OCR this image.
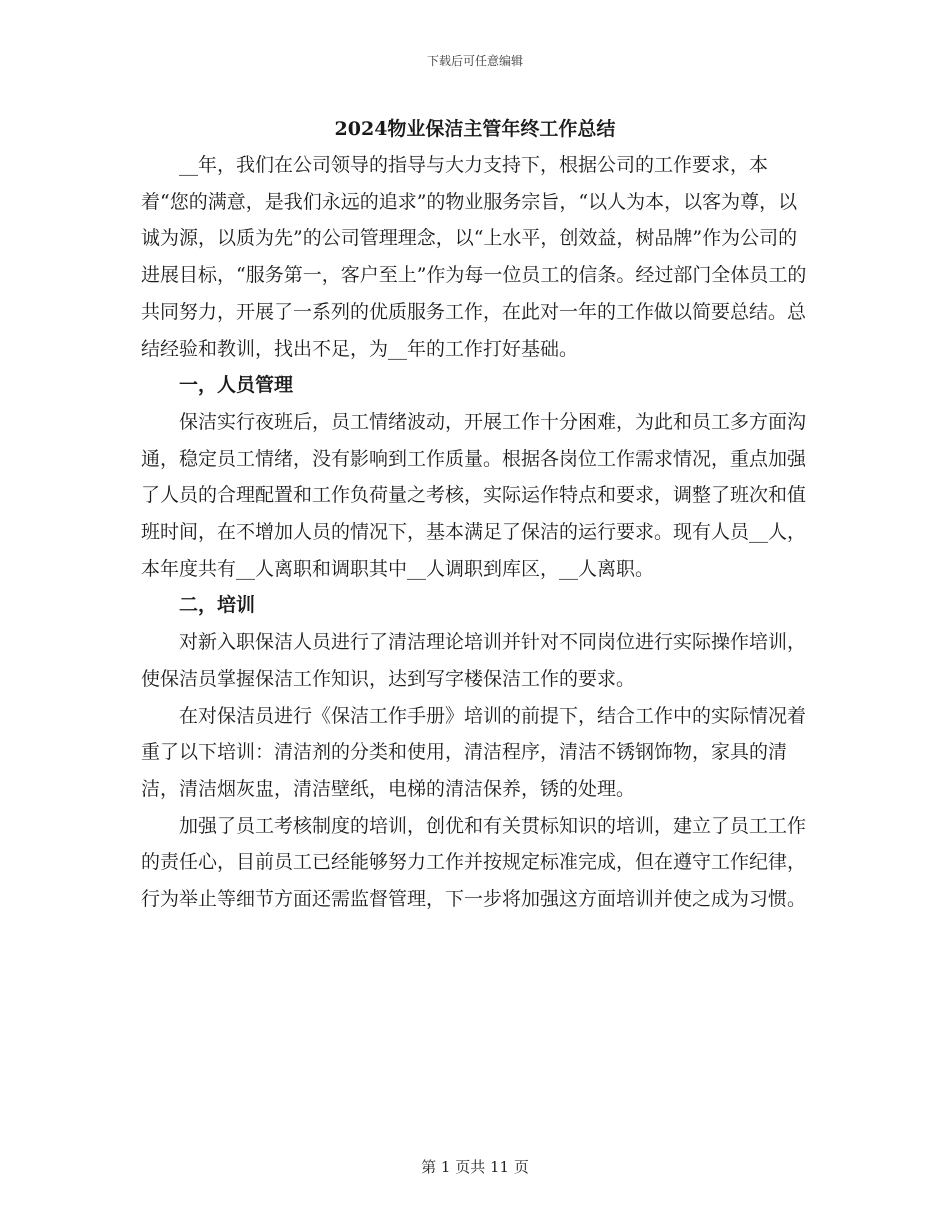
下载后可任意编辑
2024物业保洁主管年终工作总结

__年，我们在公司领导的指导与大力支持下，根据公司的工作要求，本着“您的满意，是我们永远的追求”的物业服务宗旨，“以人为本，以客为尊，以诚为源，以质为先”的公司管理理念，以“上水平，创效益，树品牌”作为公司的进展目标，“服务第一，客户至上”作为每一位员工的信条。经过部门全体员工的共同努力，开展了一系列的优质服务工作，在此对一年的工作做以简要总结。总结经验和教训，找出不足，为__年的工作打好基础。

一，人员管理

保洁实行夜班后，员工情绪波动，开展工作十分困难，为此和员工多方面沟通，稳定员工情绪，没有影响到工作质量。根据各岗位工作需求情况，重点加强了人员的合理配置和工作负荷量之考核，实际运作特点和要求，调整了班次和值班时间，在不增加人员的情况下，基本满足了保洁的运行要求。现有人员__人，本年度共有__人离职和调职其中__人调职到库区，__人离职。

二，培训

对新入职保洁人员进行了清洁理论培训并针对不同岗位进行实际操作培训，使保洁员掌握保洁工作知识，达到写字楼保洁工作的要求。

在对保洁员进行《保洁工作手册》培训的前提下，结合工作中的实际情况着重了以下培训：清洁剂的分类和使用，清洁程序，清洁不锈钢饰物，家具的清洁，清洁烟灰盅，清洁壁纸，电梯的清洁保养，锈的处理。

加强了员工考核制度的培训，创优和有关贯标知识的培训，建立了员工工作的责任心，目前员工已经能够努力工作并按规定标准完成，但在遵守工作纪律，行为举止等细节方面还需监督管理，下一步将加强这方面培训并使之成为习惯。

第 1 页共 11 页
